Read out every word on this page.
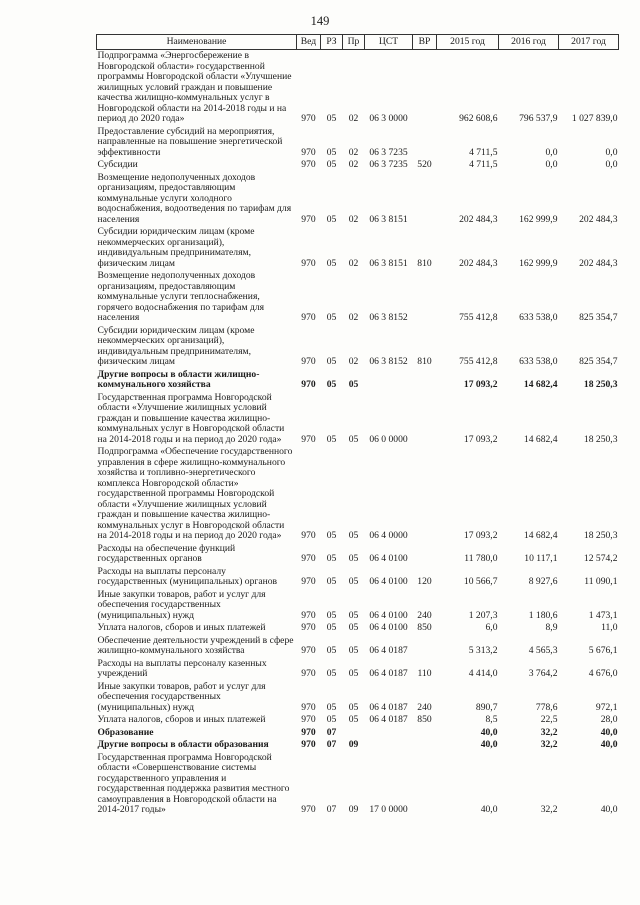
149
Наименование	Вед	РЗ	Пр	ЦСТ	ВР	2015 год	2016 год	2017 год
Подпрограмма «Энергосбережение в Новгородской области» государственной программы Новгородской области «Улучшение жилищных условий граждан и повышение качества жилищно-коммунальных услуг в Новгородской области на 2014-2018 годы и на период до 2020 года»	970	05	02	06 3 0000		962 608,6	796 537,9	1 027 839,0
Предоставление субсидий на мероприятия, направленные на повышение энергетической эффективности	970	05	02	06 3 7235		4 711,5	0,0	0,0
Субсидии	970	05	02	06 3 7235	520	4 711,5	0,0	0,0
Возмещение недополученных доходов организациям, предоставляющим коммунальные услуги холодного водоснабжения, водоотведения по тарифам для населения	970	05	02	06 3 8151		202 484,3	162 999,9	202 484,3
Субсидии юридическим лицам (кроме некоммерческих организаций), индивидуальным предпринимателям, физическим лицам	970	05	02	06 3 8151	810	202 484,3	162 999,9	202 484,3
Возмещение недополученных доходов организациям, предоставляющим коммунальные услуги теплоснабжения, горячего водоснабжения по тарифам для населения	970	05	02	06 3 8152		755 412,8	633 538,0	825 354,7
Субсидии юридическим лицам (кроме некоммерческих организаций), индивидуальным предпринимателям, физическим лицам	970	05	02	06 3 8152	810	755 412,8	633 538,0	825 354,7
Другие вопросы в области жилищно-коммунального хозяйства	970	05	05			17 093,2	14 682,4	18 250,3
Государственная программа Новгородской области «Улучшение жилищных условий граждан и повышение качества жилищно-коммунальных услуг в Новгородской области на 2014-2018 годы и на период до 2020 года»	970	05	05	06 0 0000		17 093,2	14 682,4	18 250,3
Подпрограмма «Обеспечение государственного управления в сфере жилищно-коммунального хозяйства и топливно-энергетического комплекса Новгородской области» государственной программы Новгородской области «Улучшение жилищных условий граждан и повышение качества жилищно-коммунальных услуг в Новгородской области на 2014-2018 годы и на период до 2020 года»	970	05	05	06 4 0000		17 093,2	14 682,4	18 250,3
Расходы на обеспечение функций государственных органов	970	05	05	06 4 0100		11 780,0	10 117,1	12 574,2
Расходы на выплаты персоналу государственных (муниципальных) органов	970	05	05	06 4 0100	120	10 566,7	8 927,6	11 090,1
Иные закупки товаров, работ и услуг для обеспечения государственных (муниципальных) нужд	970	05	05	06 4 0100	240	1 207,3	1 180,6	1 473,1
Уплата налогов, сборов и иных платежей	970	05	05	06 4 0100	850	6,0	8,9	11,0
Обеспечение деятельности учреждений в сфере жилищно-коммунального хозяйства	970	05	05	06 4 0187		5 313,2	4 565,3	5 676,1
Расходы на выплаты персоналу казенных учреждений	970	05	05	06 4 0187	110	4 414,0	3 764,2	4 676,0
Иные закупки товаров, работ и услуг для обеспечения государственных (муниципальных) нужд	970	05	05	06 4 0187	240	890,7	778,6	972,1
Уплата налогов, сборов и иных платежей	970	05	05	06 4 0187	850	8,5	22,5	28,0
Образование	970	07				40,0	32,2	40,0
Другие вопросы в области образования	970	07	09			40,0	32,2	40,0
Государственная программа Новгородской области «Совершенствование системы государственного управления и государственная поддержка развития местного самоуправления в Новгородской области на 2014-2017 годы»	970	07	09	17 0 0000		40,0	32,2	40,0
